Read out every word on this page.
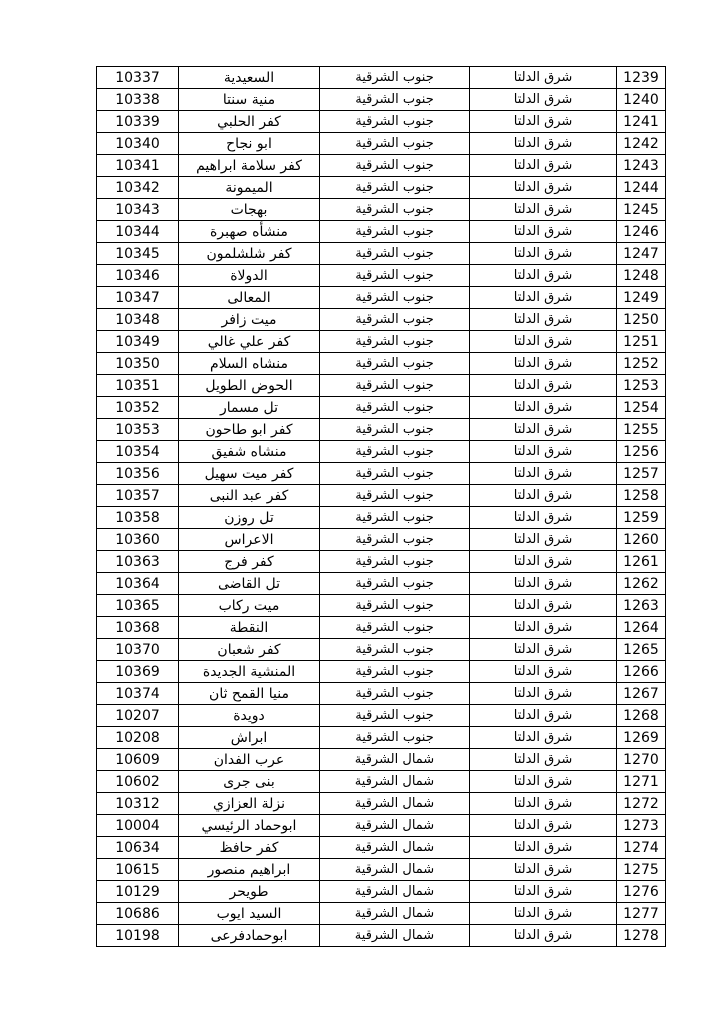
10337	السعيدية	جنوب الشرقية	شرق الدلتا	1239
10338	منية سنتا	جنوب الشرقية	شرق الدلتا	1240
10339	كفر الحلبي	جنوب الشرقية	شرق الدلتا	1241
10340	ابو نجاح	جنوب الشرقية	شرق الدلتا	1242
10341	كفر سلامة ابراهيم	جنوب الشرقية	شرق الدلتا	1243
10342	الميمونة	جنوب الشرقية	شرق الدلتا	1244
10343	بهجات	جنوب الشرقية	شرق الدلتا	1245
10344	منشأه صهبرة	جنوب الشرقية	شرق الدلتا	1246
10345	كفر شلشلمون	جنوب الشرقية	شرق الدلتا	1247
10346	الدولاة	جنوب الشرقية	شرق الدلتا	1248
10347	المعالى	جنوب الشرقية	شرق الدلتا	1249
10348	ميت زافر	جنوب الشرقية	شرق الدلتا	1250
10349	كفر علي غالي	جنوب الشرقية	شرق الدلتا	1251
10350	منشاه السلام	جنوب الشرقية	شرق الدلتا	1252
10351	الحوض الطويل	جنوب الشرقية	شرق الدلتا	1253
10352	تل مسمار	جنوب الشرقية	شرق الدلتا	1254
10353	كفر ابو طاحون	جنوب الشرقية	شرق الدلتا	1255
10354	منشاه شفيق	جنوب الشرقية	شرق الدلتا	1256
10356	كفر ميت سهيل	جنوب الشرقية	شرق الدلتا	1257
10357	كفر عبد النبى	جنوب الشرقية	شرق الدلتا	1258
10358	تل روزن	جنوب الشرقية	شرق الدلتا	1259
10360	الاعراس	جنوب الشرقية	شرق الدلتا	1260
10363	كفر فرج	جنوب الشرقية	شرق الدلتا	1261
10364	تل القاضى	جنوب الشرقية	شرق الدلتا	1262
10365	ميت ركاب	جنوب الشرقية	شرق الدلتا	1263
10368	النقطة	جنوب الشرقية	شرق الدلتا	1264
10370	كفر شعبان	جنوب الشرقية	شرق الدلتا	1265
10369	المنشية الجديدة	جنوب الشرقية	شرق الدلتا	1266
10374	منيا القمح ثان	جنوب الشرقية	شرق الدلتا	1267
10207	دويدة	جنوب الشرقية	شرق الدلتا	1268
10208	ابراش	جنوب الشرقية	شرق الدلتا	1269
10609	عرب الفدان	شمال الشرقية	شرق الدلتا	1270
10602	بنى جرى	شمال الشرقية	شرق الدلتا	1271
10312	نزلة العزازي	شمال الشرقية	شرق الدلتا	1272
10004	ابوحماد الرئيسي	شمال الشرقية	شرق الدلتا	1273
10634	كفر حافظ	شمال الشرقية	شرق الدلتا	1274
10615	ابراهيم منصور	شمال الشرقية	شرق الدلتا	1275
10129	طويحر	شمال الشرقية	شرق الدلتا	1276
10686	السيد ايوب	شمال الشرقية	شرق الدلتا	1277
10198	ابوحمادفرعى	شمال الشرقية	شرق الدلتا	1278
